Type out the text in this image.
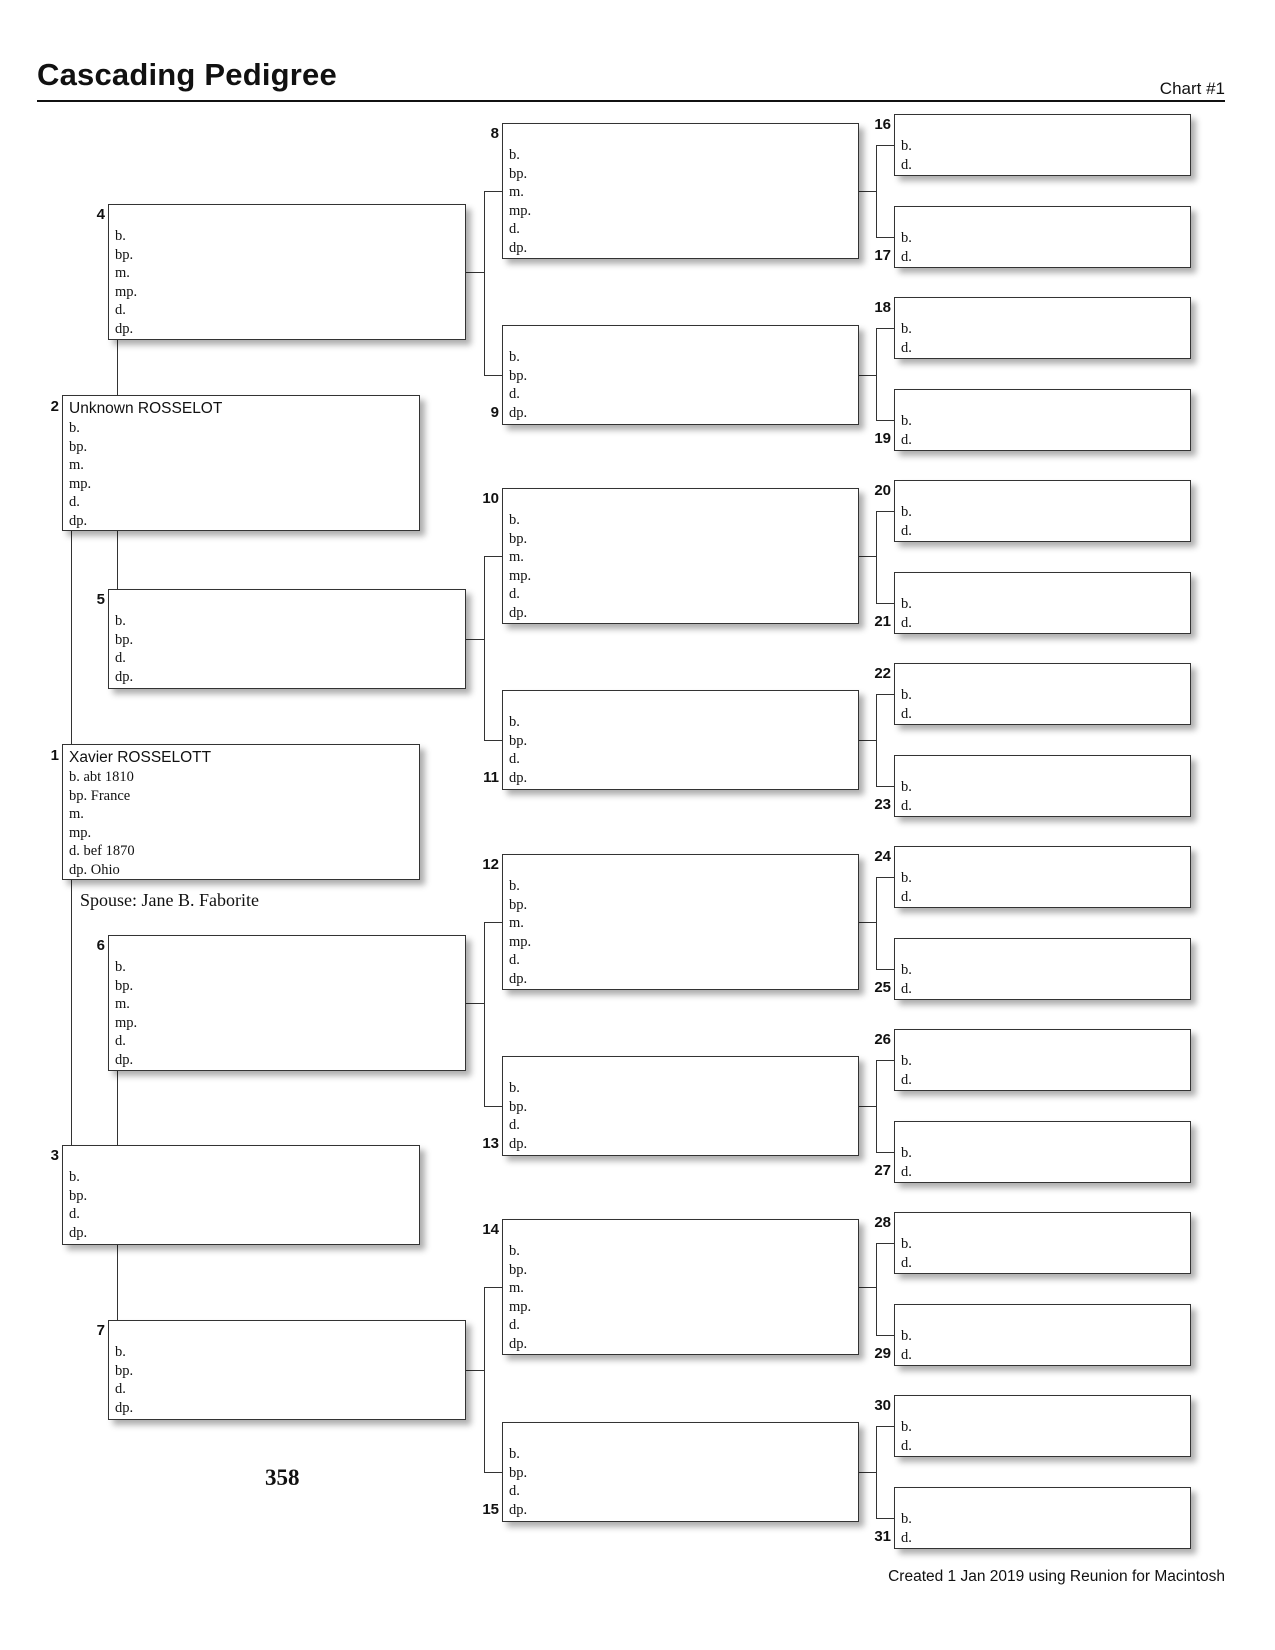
Cascading Pedigree	Chart #1
Xavier ROSSELOTT
b. abt 1810
bp. France
m.
mp.
d. bef 1870
dp. Ohio
1
Unknown ROSSELOT
b.
bp.
m.
mp.
d.
dp.
2
b.
bp.
d.
dp.
3
b.
bp.
m.
mp.
d.
dp.
4
b.
bp.
d.
dp.
5
b.
bp.
m.
mp.
d.
dp.
6
b.
bp.
d.
dp.
7
b.
bp.
m.
mp.
d.
dp.
8
b.
bp.
d.
dp.
9
b.
bp.
m.
mp.
d.
dp.
10
b.
bp.
d.
dp.
11
b.
bp.
m.
mp.
d.
dp.
12
b.
bp.
d.
dp.
13
b.
bp.
m.
mp.
d.
dp.
14
b.
bp.
d.
dp.
15
b.
d.
16
b.
d.
17
b.
d.
18
b.
d.
19
b.
d.
20
b.
d.
21
b.
d.
22
b.
d.
23
b.
d.
24
b.
d.
25
b.
d.
26
b.
d.
27
b.
d.
28
b.
d.
29
b.
d.
30
b.
d.
31
Spouse: Jane B. Faborite
358
Created 1 Jan 2019 using Reunion for Macintosh
